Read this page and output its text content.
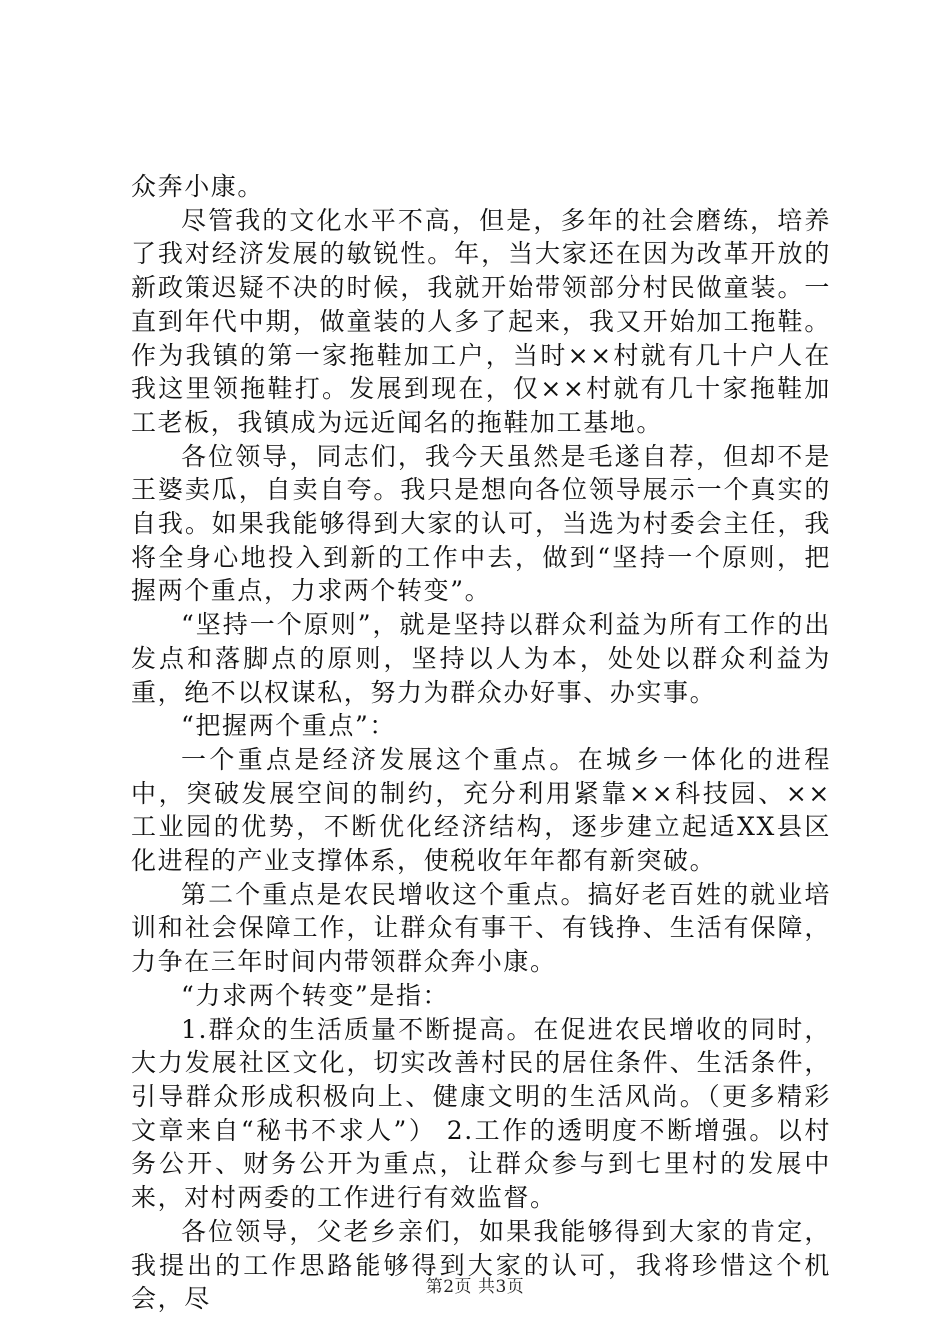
众奔小康。

尽管我的文化水平不高，但是，多年的社会磨练，培养了我对经济发展的敏锐性。年，当大家还在因为改革开放的新政策迟疑不决的时候，我就开始带领部分村民做童装。一直到年代中期，做童装的人多了起来，我又开始加工拖鞋。作为我镇的第一家拖鞋加工户，当时××村就有几十户人在我这里领拖鞋打。发展到现在，仅××村就有几十家拖鞋加工老板，我镇成为远近闻名的拖鞋加工基地。

各位领导，同志们，我今天虽然是毛遂自荐，但却不是王婆卖瓜，自卖自夸。我只是想向各位领导展示一个真实的自我。如果我能够得到大家的认可，当选为村委会主任，我将全身心地投入到新的工作中去，做到“坚持一个原则，把握两个重点，力求两个转变”。

“坚持一个原则”，就是坚持以群众利益为所有工作的出发点和落脚点的原则，坚持以人为本，处处以群众利益为重，绝不以权谋私，努力为群众办好事、办实事。

“把握两个重点”：

一个重点是经济发展这个重点。在城乡一体化的进程中，突破发展空间的制约，充分利用紧靠××科技园、××工业园的优势，不断优化经济结构，逐步建立起适XX县区化进程的产业支撑体系，使税收年年都有新突破。

第二个重点是农民增收这个重点。搞好老百姓的就业培训和社会保障工作，让群众有事干、有钱挣、生活有保障，力争在三年时间内带领群众奔小康。

“力求两个转变”是指：

1.群众的生活质量不断提高。在促进农民增收的同时，大力发展社区文化，切实改善村民的居住条件、生活条件，引导群众形成积极向上、健康文明的生活风尚。（更多精彩文章来自“秘书不求人”） 2.工作的透明度不断增强。以村务公开、财务公开为重点，让群众参与到七里村的发展中来，对村两委的工作进行有效监督。

各位领导，父老乡亲们，如果我能够得到大家的肯定，我提出的工作思路能够得到大家的认可，我将珍惜这个机会，尽	第2页 共3页
